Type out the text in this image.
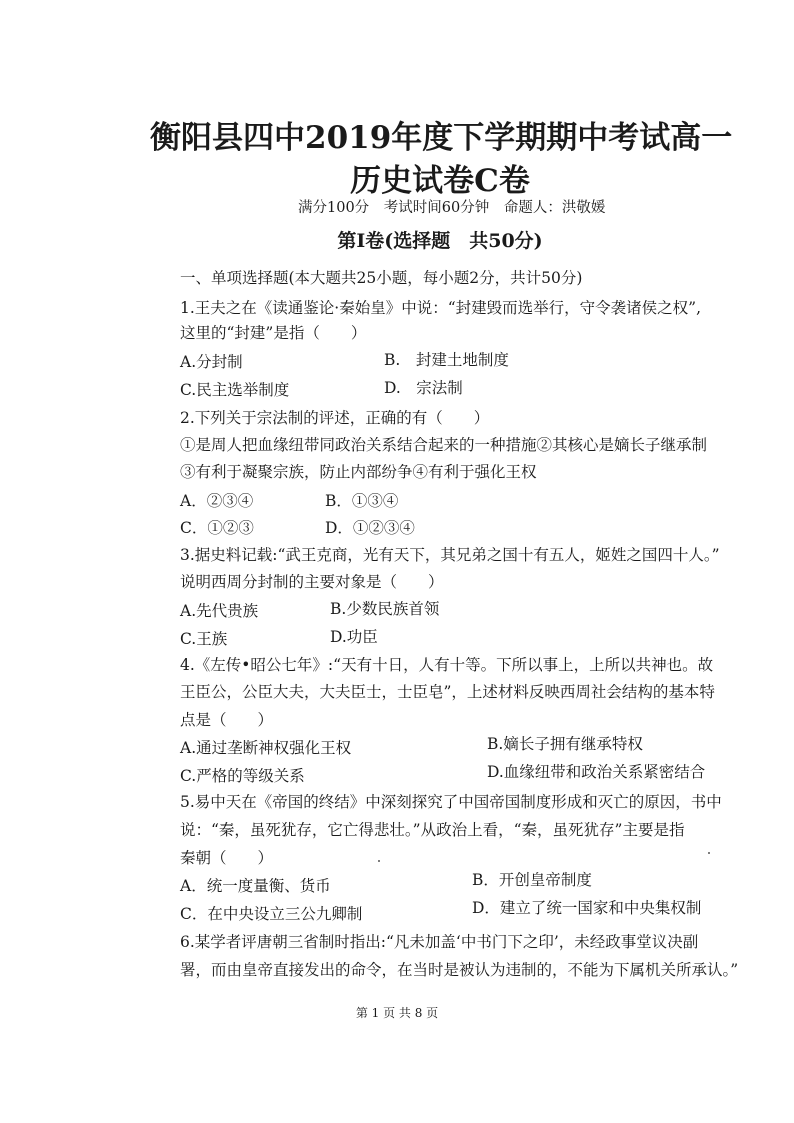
衡阳县四中2019年度下学期期中考试高一
历史试卷C卷
满分100分 考试时间60分钟 命题人：洪敬媛
第I卷(选择题　共50分)
一、单项选择题(本大题共25小题，每小题2分，共计50分)
1.王夫之在《读通鉴论·秦始皇》中说：“封建毁而选举行，守令袭诸侯之权”,
这里的“封建”是指（　　）
A.分封制	B.　封建土地制度
C.民主选举制度	D.　宗法制
2.下列关于宗法制的评述，正确的有（　　）
①是周人把血缘纽带同政治关系结合起来的一种措施②其核心是嫡长子继承制
③有利于凝聚宗族，防止内部纷争④有利于强化王权
A．②③④	B．①③④
C．①②③	D．①②③④
3.据史料记载:“武王克商，光有天下，其兄弟之国十有五人，姬姓之国四十人。”
说明西周分封制的主要对象是（　　）
A.先代贵族	B.少数民族首领
C.王族	D.功臣
4.《左传•昭公七年》:“天有十日，人有十等。下所以事上，上所以共神也。故
王臣公，公臣大夫，大夫臣士，士臣皂”，上述材料反映西周社会结构的基本特
点是（　　）
A.通过垄断神权强化王权	B.嫡长子拥有继承特权
C.严格的等级关系	D.血缘纽带和政治关系紧密结合
5.易中天在《帝国的终结》中深刻探究了中国帝国制度形成和灭亡的原因，书中
说：“秦，虽死犹存，它亡得悲壮。”从政治上看，“秦，虽死犹存”主要是指
秦朝（　　）
A．统一度量衡、货币	B．开创皇帝制度
C．在中央设立三公九卿制	D．建立了统一国家和中央集权制
6.某学者评唐朝三省制时指出:“凡未加盖‘中书门下之印’，未经政事堂议决副
署，而由皇帝直接发出的命令，在当时是被认为违制的，不能为下属机关所承认。”
第 1 页 共 8 页
